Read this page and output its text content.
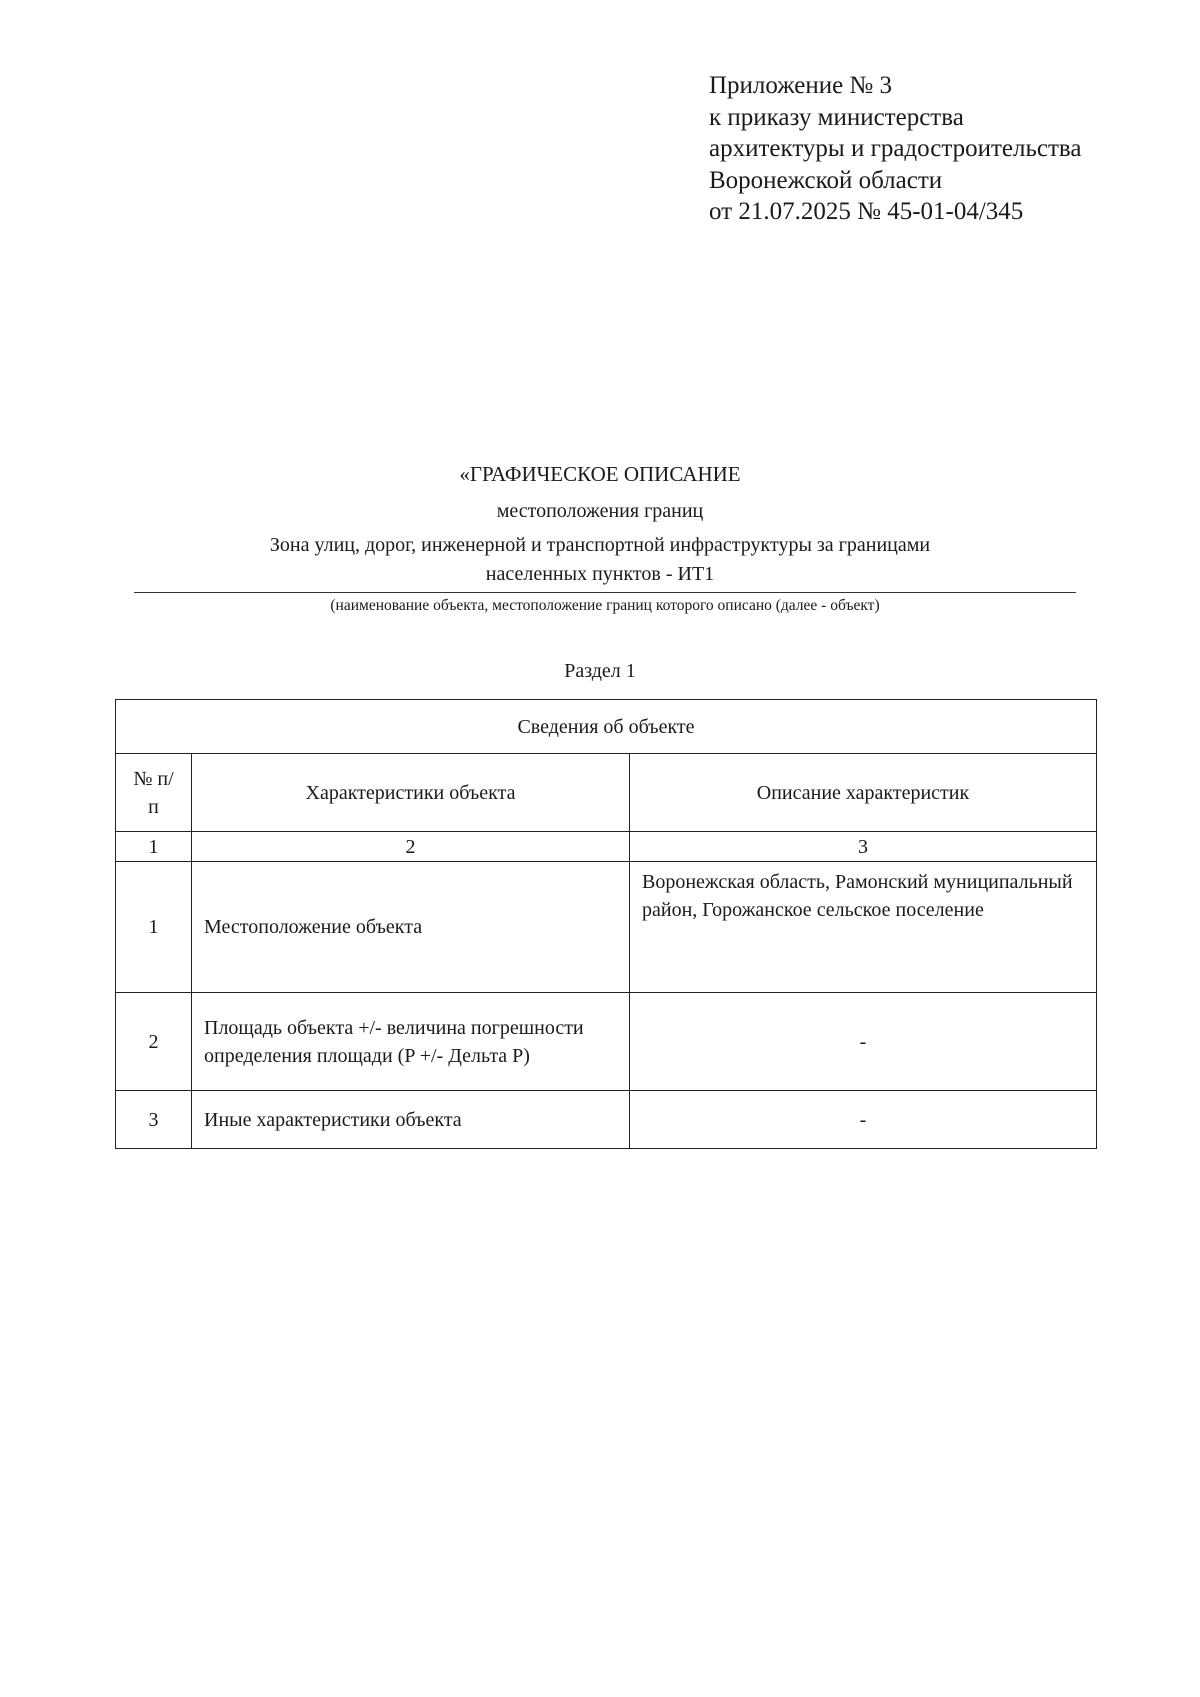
Приложение № 3
к приказу министерства
архитектуры и градостроительства
Воронежской области
от 21.07.2025 № 45-01-04/345
«ГРАФИЧЕСКОЕ ОПИСАНИЕ
местоположения границ
Зона улиц, дорог, инженерной и транспортной инфраструктуры за границами
населенных пунктов - ИТ1
(наименование объекта, местоположение границ которого описано (далее - объект)
Раздел 1
Сведения об объекте		
№ п/п	Характеристики объекта	Описание характеристик
1	2	3
1	Местоположение объекта	Воронежская область, Рамонский муниципальный район, Горожанское сельское поселение
2	Площадь объекта +/- величина погрешности определения площади (P +/- Дельта P)	-
3	Иные характеристики объекта	-
